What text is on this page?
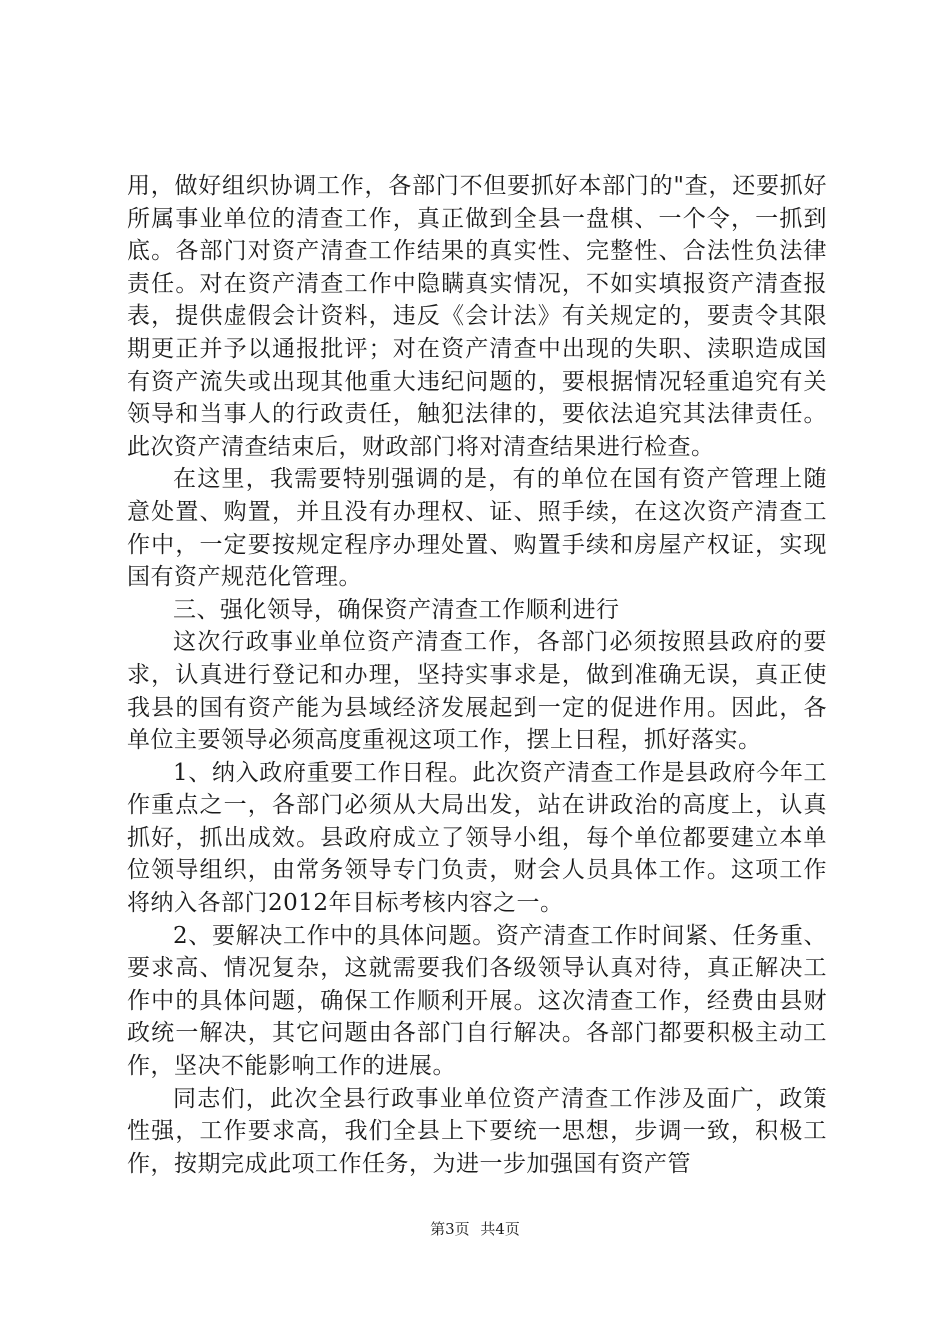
用，做好组织协调工作，各部门不但要抓好本部门的"查，还要抓好所属事业单位的清查工作，真正做到全县一盘棋、一个令，一抓到底。各部门对资产清查工作结果的真实性、完整性、合法性负法律责任。对在资产清查工作中隐瞒真实情况，不如实填报资产清查报表，提供虚假会计资料，违反《会计法》有关规定的，要责令其限期更正并予以通报批评；对在资产清查中出现的失职、渎职造成国有资产流失或出现其他重大违纪问题的，要根据情况轻重追究有关领导和当事人的行政责任，触犯法律的，要依法追究其法律责任。此次资产清查结束后，财政部门将对清查结果进行检查。

在这里，我需要特别强调的是，有的单位在国有资产管理上随意处置、购置，并且没有办理权、证、照手续，在这次资产清查工作中，一定要按规定程序办理处置、购置手续和房屋产权证，实现国有资产规范化管理。

三、强化领导，确保资产清查工作顺利进行

这次行政事业单位资产清查工作，各部门必须按照县政府的要求，认真进行登记和办理，坚持实事求是，做到准确无误，真正使我县的国有资产能为县域经济发展起到一定的促进作用。因此，各单位主要领导必须高度重视这项工作，摆上日程，抓好落实。

1、纳入政府重要工作日程。此次资产清查工作是县政府今年工作重点之一，各部门必须从大局出发，站在讲政治的高度上，认真抓好，抓出成效。县政府成立了领导小组，每个单位都要建立本单位领导组织，由常务领导专门负责，财会人员具体工作。这项工作将纳入各部门2012年目标考核内容之一。

2、要解决工作中的具体问题。资产清查工作时间紧、任务重、要求高、情况复杂，这就需要我们各级领导认真对待，真正解决工作中的具体问题，确保工作顺利开展。这次清查工作，经费由县财政统一解决，其它问题由各部门自行解决。各部门都要积极主动工作，坚决不能影响工作的进展。

同志们，此次全县行政事业单位资产清查工作涉及面广，政策性强，工作要求高，我们全县上下要统一思想，步调一致，积极工作，按期完成此项工作任务，为进一步加强国有资产管

第3页 共4页
